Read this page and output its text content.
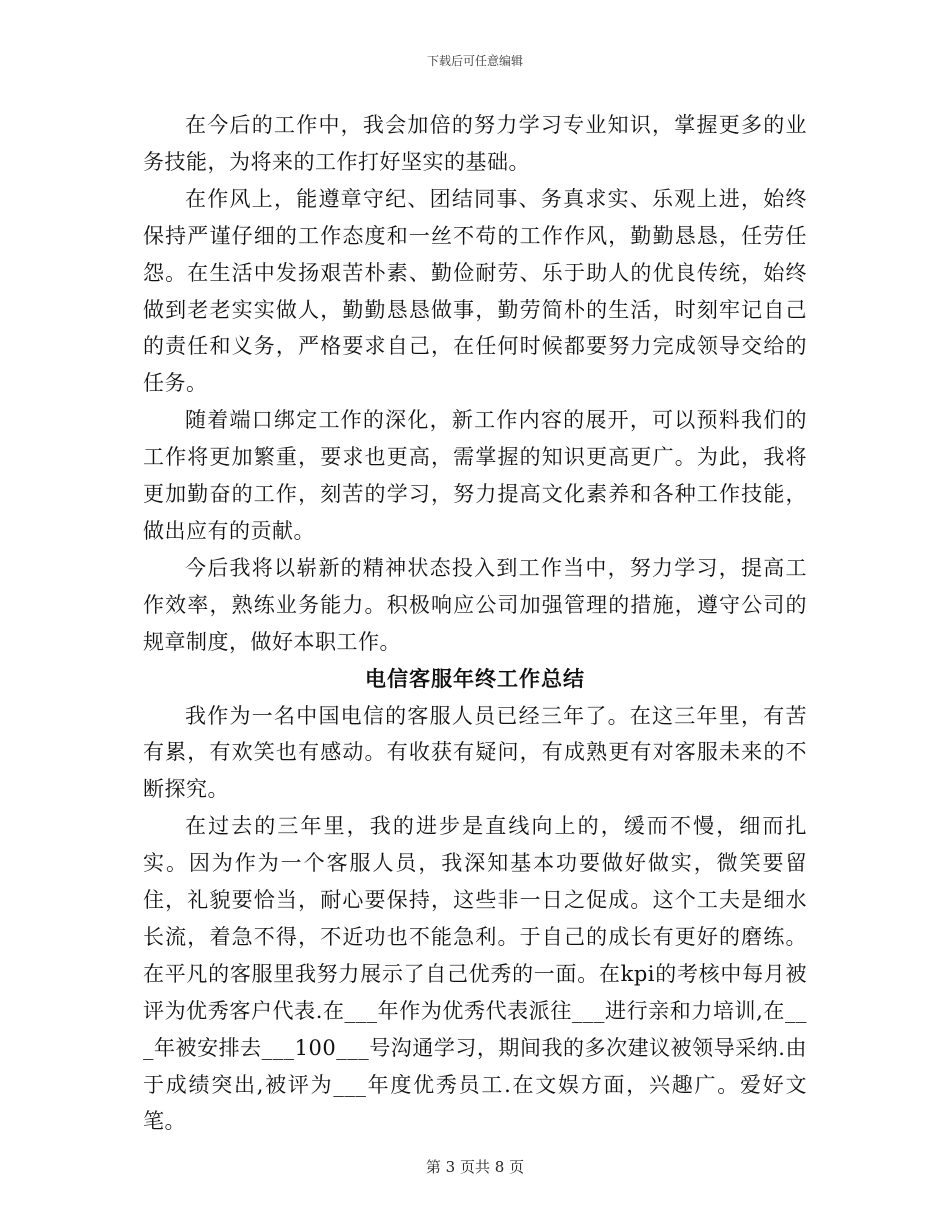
下载后可任意编辑

在今后的工作中，我会加倍的努力学习专业知识，掌握更多的业务技能，为将来的工作打好坚实的基础。

在作风上，能遵章守纪、团结同事、务真求实、乐观上进，始终保持严谨仔细的工作态度和一丝不苟的工作作风，勤勤恳恳，任劳任怨。在生活中发扬艰苦朴素、勤俭耐劳、乐于助人的优良传统，始终做到老老实实做人，勤勤恳恳做事，勤劳简朴的生活，时刻牢记自己的责任和义务，严格要求自己，在任何时候都要努力完成领导交给的任务。

随着端口绑定工作的深化，新工作内容的展开，可以预料我们的工作将更加繁重，要求也更高，需掌握的知识更高更广。为此，我将更加勤奋的工作，刻苦的学习，努力提高文化素养和各种工作技能，做出应有的贡献。

今后我将以崭新的精神状态投入到工作当中，努力学习，提高工作效率，熟练业务能力。积极响应公司加强管理的措施，遵守公司的规章制度，做好本职工作。

电信客服年终工作总结

我作为一名中国电信的客服人员已经三年了。在这三年里，有苦有累，有欢笑也有感动。有收获有疑问，有成熟更有对客服未来的不断探究。

在过去的三年里，我的进步是直线向上的，缓而不慢，细而扎实。因为作为一个客服人员，我深知基本功要做好做实，微笑要留住，礼貌要恰当，耐心要保持，这些非一日之促成。这个工夫是细水长流，着急不得，不近功也不能急利。于自己的成长有更好的磨练。在平凡的客服里我努力展示了自己优秀的一面。在kpi的考核中每月被评为优秀客户代表.在___年作为优秀代表派往___进行亲和力培训,在___年被安排去___100___号沟通学习，期间我的多次建议被领导采纳.由于成绩突出,被评为___年度优秀员工.在文娱方面，兴趣广。爱好文笔。

第 3 页共 8 页
